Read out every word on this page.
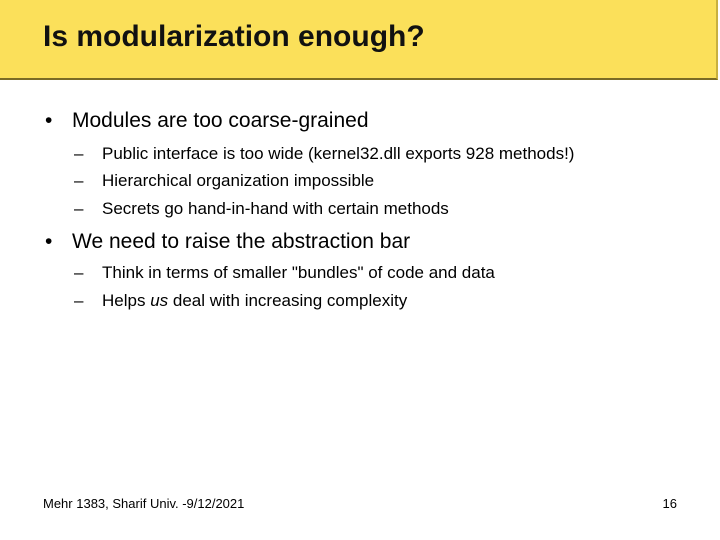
Is modularization enough?
• Modules are too coarse-grained
– Public interface is too wide (kernel32.dll exports 928 methods!)
– Hierarchical organization impossible
– Secrets go hand-in-hand with certain methods
• We need to raise the abstraction bar
– Think in terms of smaller "bundles" of code and data
– Helps us deal with increasing complexity
Mehr 1383, Sharif Univ. -9/12/2021	16
